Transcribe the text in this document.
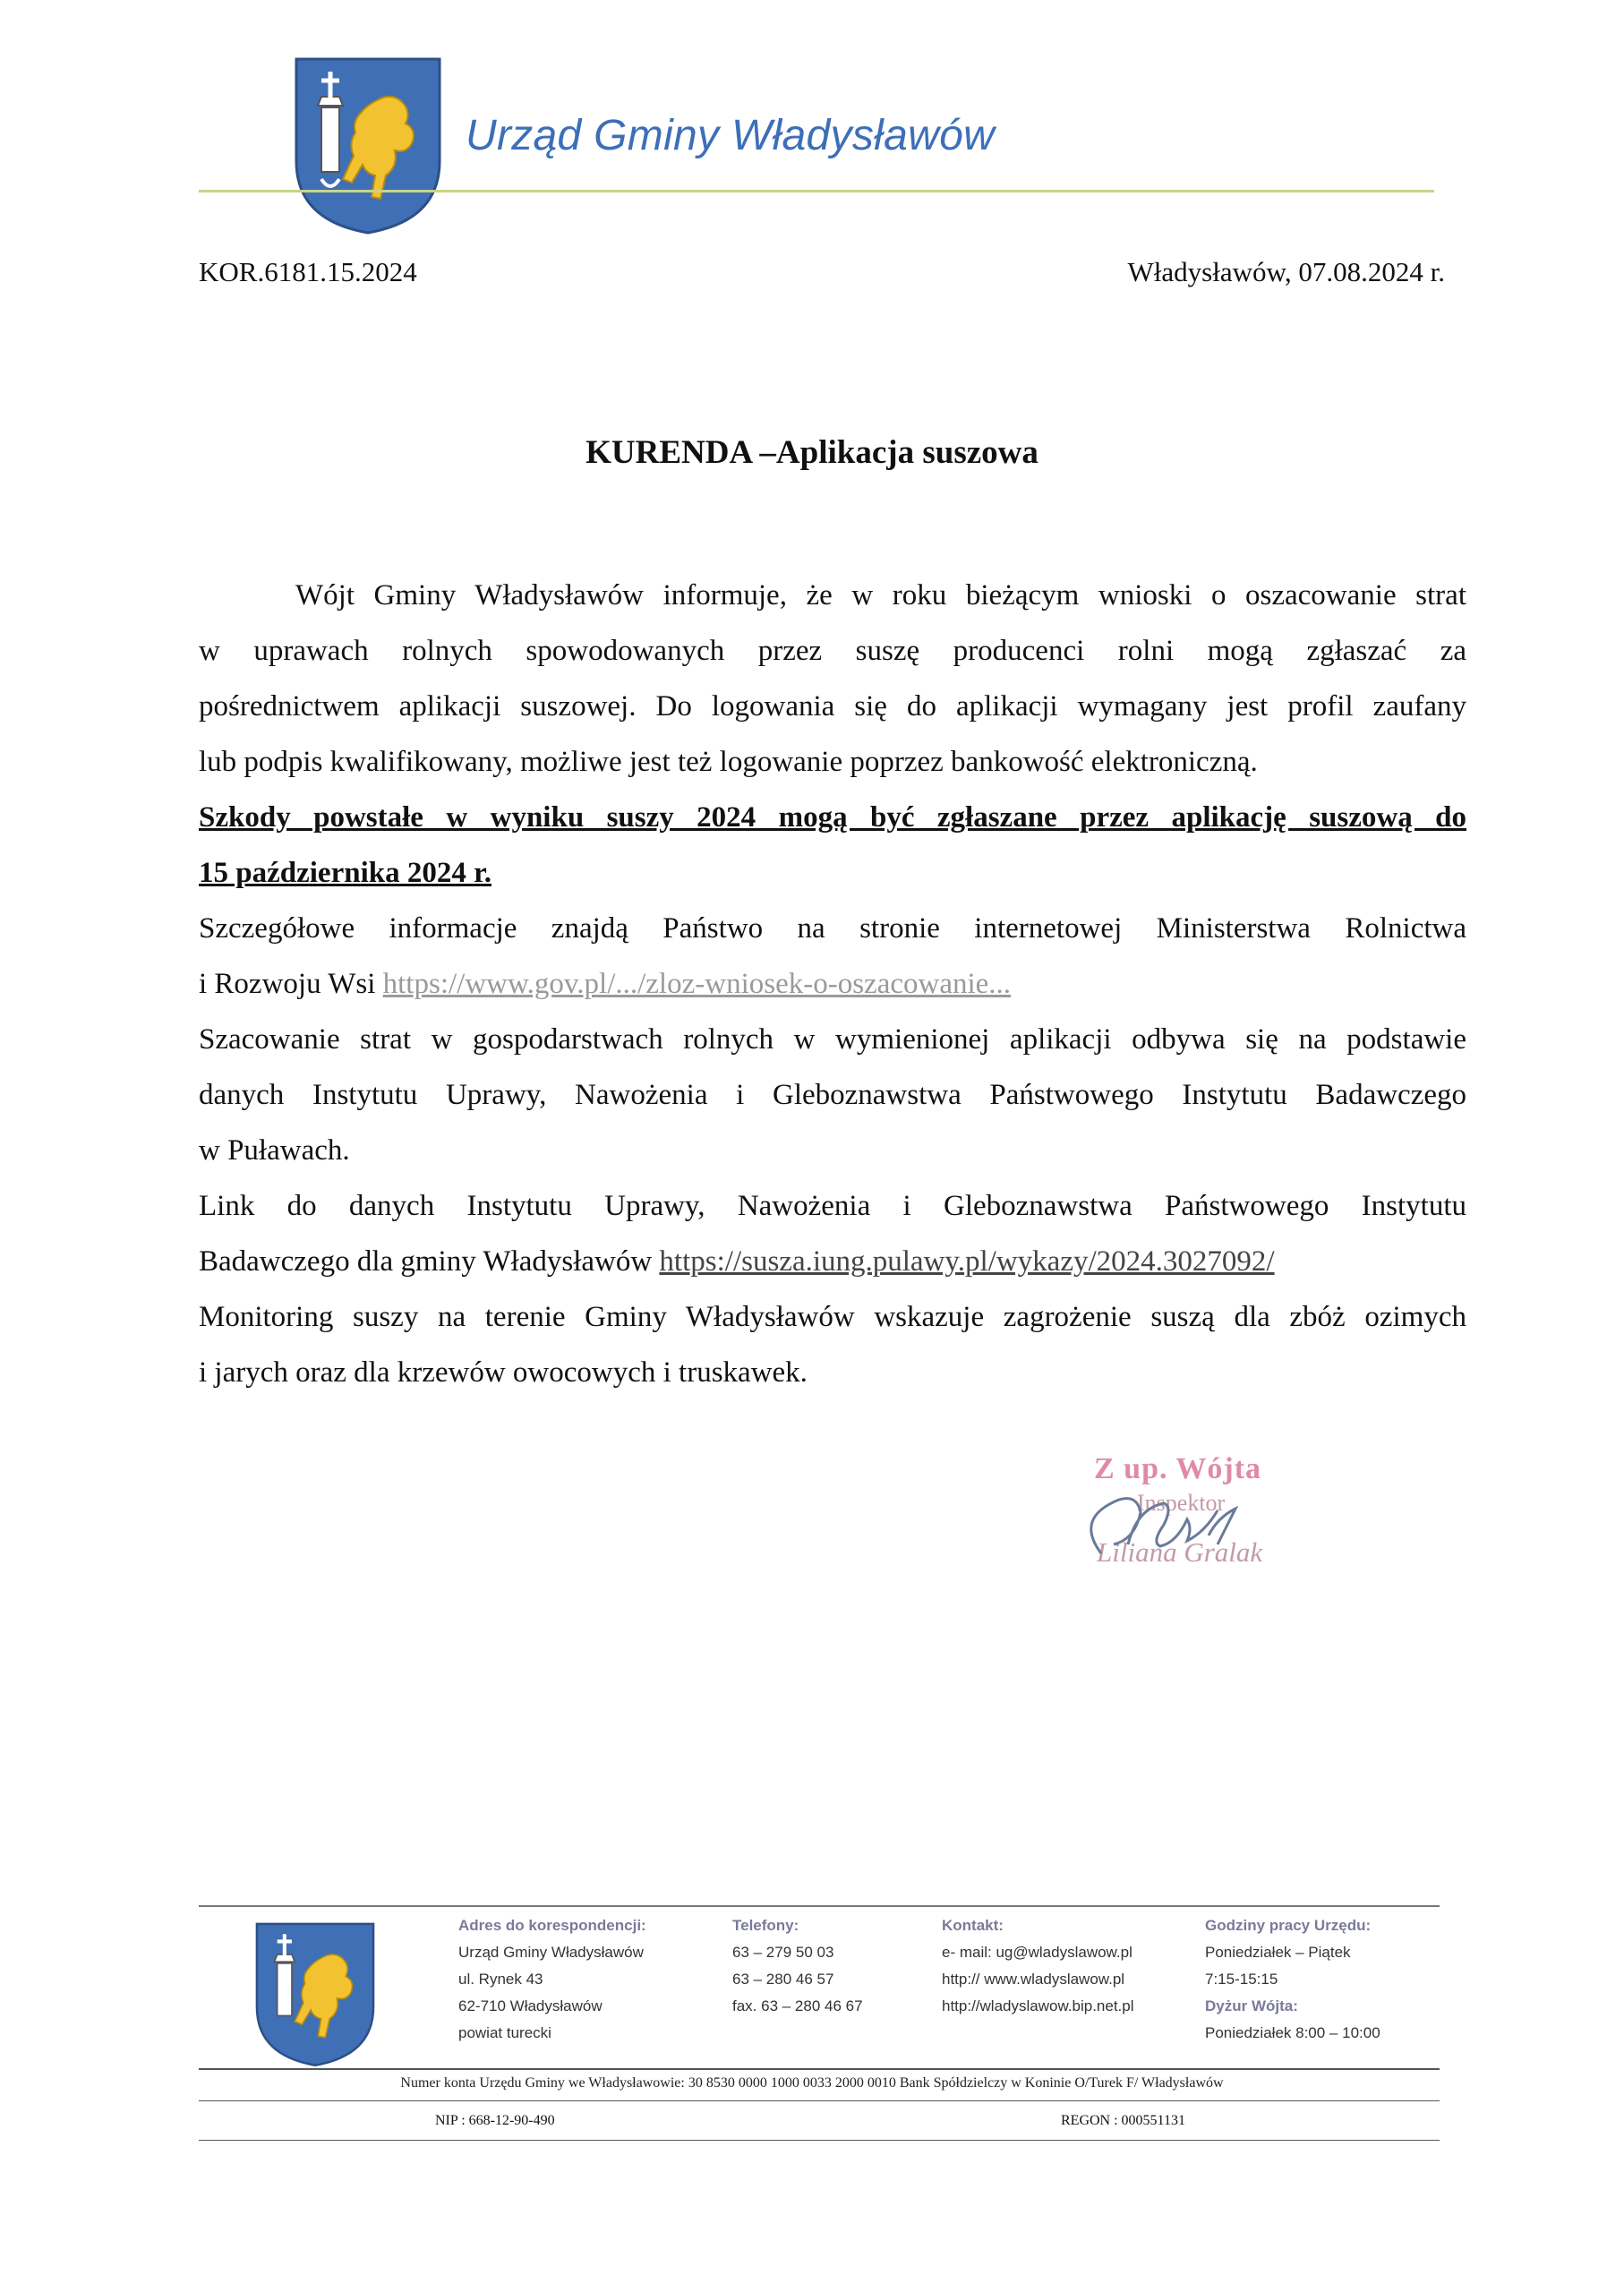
Urząd Gminy Władysławów
KOR.6181.15.2024	Władysławów, 07.08.2024 r.
KURENDA –Aplikacja suszowa
Wójt Gminy Władysławów informuje, że w roku bieżącym wnioski o oszacowanie strat
w uprawach rolnych spowodowanych przez suszę producenci rolni mogą zgłaszać za
pośrednictwem aplikacji suszowej. Do logowania się do aplikacji wymagany jest profil zaufany
lub podpis kwalifikowany, możliwe jest też logowanie poprzez bankowość elektroniczną.
Szkody powstałe w wyniku suszy 2024 mogą być zgłaszane przez aplikację suszową do
15 października 2024 r.
Szczegółowe informacje znajdą Państwo na stronie internetowej Ministerstwa Rolnictwa
i Rozwoju Wsi https://www.gov.pl/.../zloz-wniosek-o-oszacowanie...
Szacowanie strat w gospodarstwach rolnych w wymienionej aplikacji odbywa się na podstawie
danych Instytutu Uprawy, Nawożenia i Gleboznawstwa Państwowego Instytutu Badawczego
w Puławach.
Link do danych Instytutu Uprawy, Nawożenia i Gleboznawstwa Państwowego Instytutu
Badawczego dla gminy Władysławów https://susza.iung.pulawy.pl/wykazy/2024.3027092/
Monitoring suszy na terenie Gminy Władysławów wskazuje zagrożenie suszą dla zbóż ozimych
i jarych oraz dla krzewów owocowych i truskawek.
Z up. Wójta
Inspektor
Liliana Gralak
Adres do korespondencji:
Urząd Gminy Władysławów
ul. Rynek 43
62-710 Władysławów
powiat turecki
Telefony:
63 – 279 50 03
63 – 280 46 57
fax. 63 – 280 46 67
Kontakt:
e- mail: ug@wladyslawow.pl
http:// www.wladyslawow.pl
http://wladyslawow.bip.net.pl
Godziny pracy Urzędu:
Poniedziałek – Piątek
7:15-15:15
Dyżur Wójta:
Poniedziałek 8:00 – 10:00
Numer konta Urzędu Gminy we Władysławowie: 30 8530 0000 1000 0033 2000 0010 Bank Spółdzielczy w Koninie O/Turek F/ Władysławów
NIP : 668-12-90-490	REGON : 000551131
